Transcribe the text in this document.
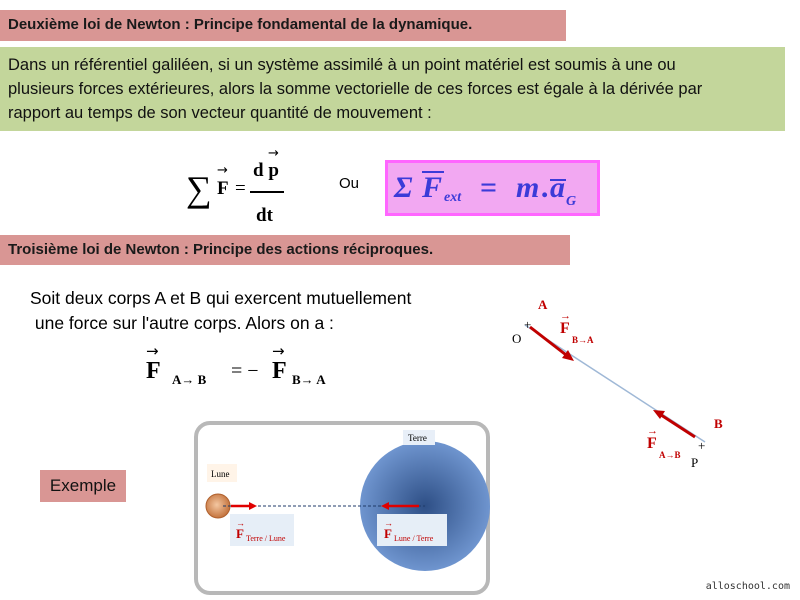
Deuxième loi de Newton : Principe fondamental de la dynamique.
Dans un référentiel galiléen, si un système assimilé à un point matériel est soumis à une ou
plusieurs forces extérieures, alors la somme vectorielle de ces forces est égale à la dérivée par
rapport au temps de son vecteur quantité de mouvement :
∑ →
F =
→
d p
dt
Ou Σ F ext = m . a G
Troisième loi de Newton : Principe des actions réciproques.
Soit deux corps A et B qui exercent mutuellement
une force sur l'autre corps. Alors on a :
→
F A→ B = −
→
F B→ A
+
+
A
O
B
P
→
F
B→A
→
F
A→B
Exemple
Lune
Terre
→
F Terre / Lune
→
F Lune / Terre
alloschool.com
